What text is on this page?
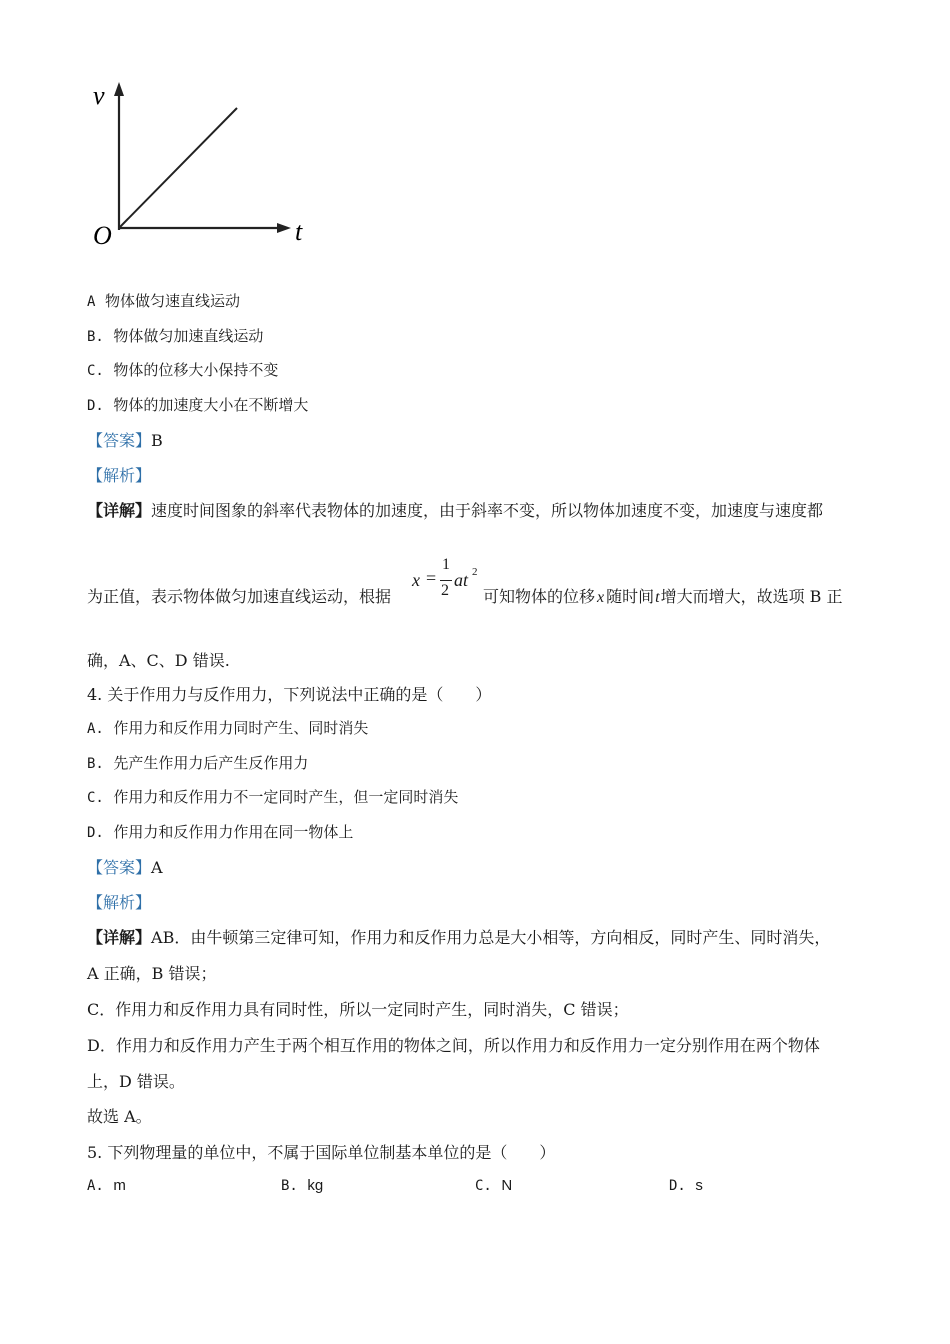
v
t
O
A 物体做匀速直线运动
B. 物体做匀加速直线运动
C. 物体的位移大小保持不变
D. 物体的加速度大小在不断增大
【答案】B
【解析】
【详解】速度时间图象的斜率代表物体的加速度，由于斜率不变，所以物体加速度不变，加速度与速度都
为正值，表示物体做匀加速直线运动，根据
x =
1
2
at 2
可知物体的位移 x 随时间t增大而增大，故选项 B 正
确，A、C、D 错误.
4. 关于作用力与反作用力，下列说法中正确的是（　　）
A. 作用力和反作用力同时产生、同时消失
B. 先产生作用力后产生反作用力
C. 作用力和反作用力不一定同时产生，但一定同时消失
D. 作用力和反作用力作用在同一物体上
【答案】A
【解析】
【详解】AB．由牛顿第三定律可知，作用力和反作用力总是大小相等，方向相反，同时产生、同时消失，
A 正确，B 错误；
C．作用力和反作用力具有同时性，所以一定同时产生，同时消失，C 错误；
D．作用力和反作用力产生于两个相互作用的物体之间，所以作用力和反作用力一定分别作用在两个物体
上，D 错误。
故选 A。
5. 下列物理量的单位中，不属于国际单位制基本单位的是（　　）
A. m	B. kg	C. N	D. s
